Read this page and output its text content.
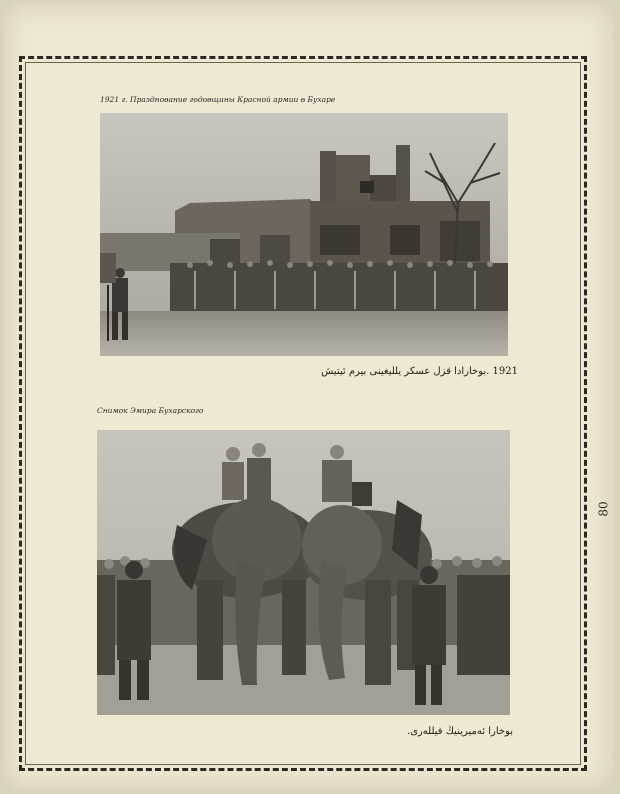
1921 г. Празднование годовщины Красной армии в Бухаре
1921 .بوخارادا قزل عسكر يللیغینی بیرم ئیتیش
Снимок Эмира Бухарского
بوخارا ئەمیرینیڭ فیللەرى.
80
